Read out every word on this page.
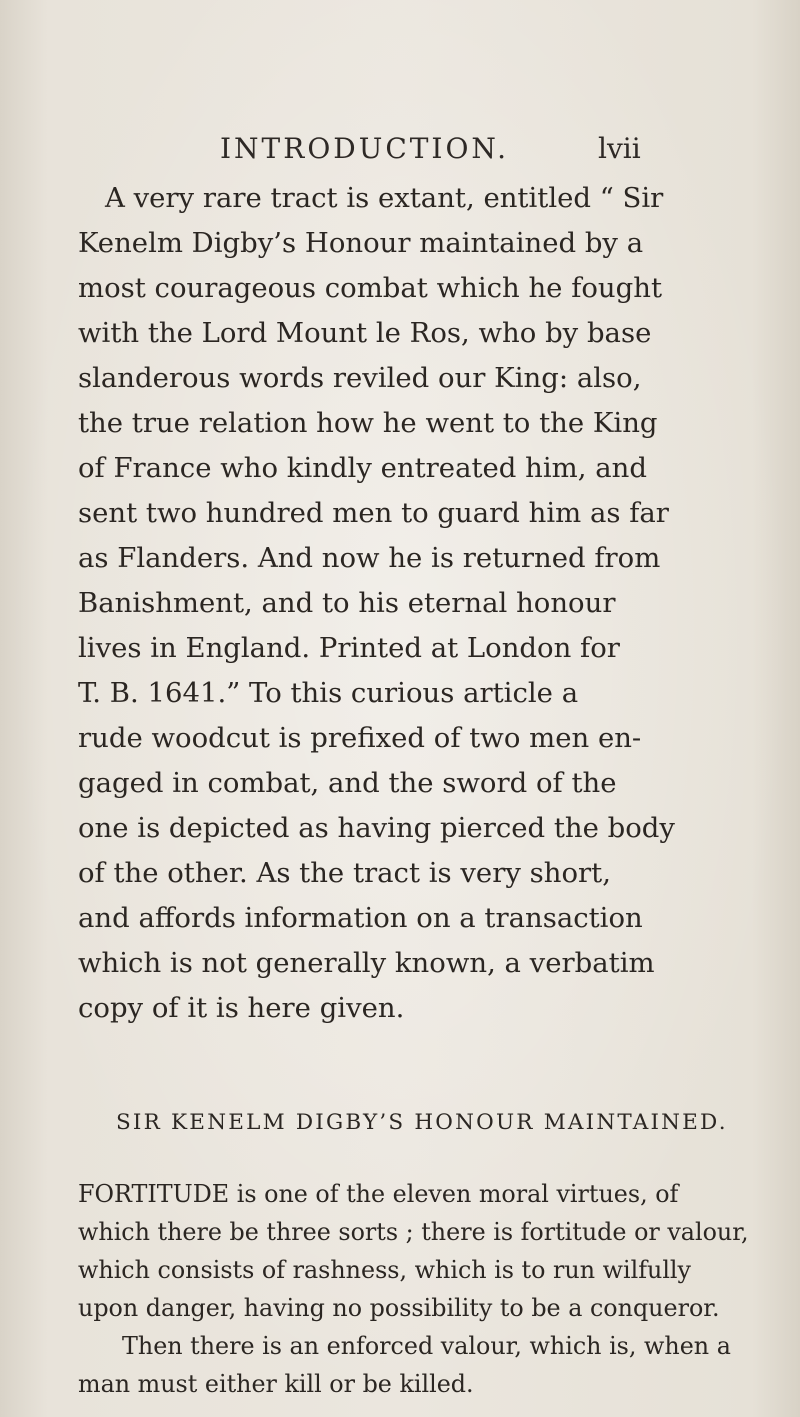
INTRODUCTION.	lvii
A very rare tract is extant, entitled “ Sir
Kenelm Digby’s Honour maintained by a
most courageous combat which he fought
with the Lord Mount le Ros, who by base
slanderous words reviled our King: also,
the true relation how he went to the King
of France who kindly entreated him, and
sent two hundred men to guard him as far
as Flanders. And now he is returned from
Banishment, and to his eternal honour
lives in England. Printed at London for
T. B. 1641.” To this curious article a
rude woodcut is prefixed of two men en-
gaged in combat, and the sword of the
one is depicted as having pierced the body
of the other. As the tract is very short,
and affords information on a transaction
which is not generally known, a verbatim
copy of it is here given.
SIR KENELM DIGBY’S HONOUR MAINTAINED.
FORTITUDE is one of the eleven moral virtues, of
which there be three sorts ; there is fortitude or valour,
which consists of rashness, which is to run wilfully
upon danger, having no possibility to be a conqueror.
Then there is an enforced valour, which is, when a
man must either kill or be killed.
